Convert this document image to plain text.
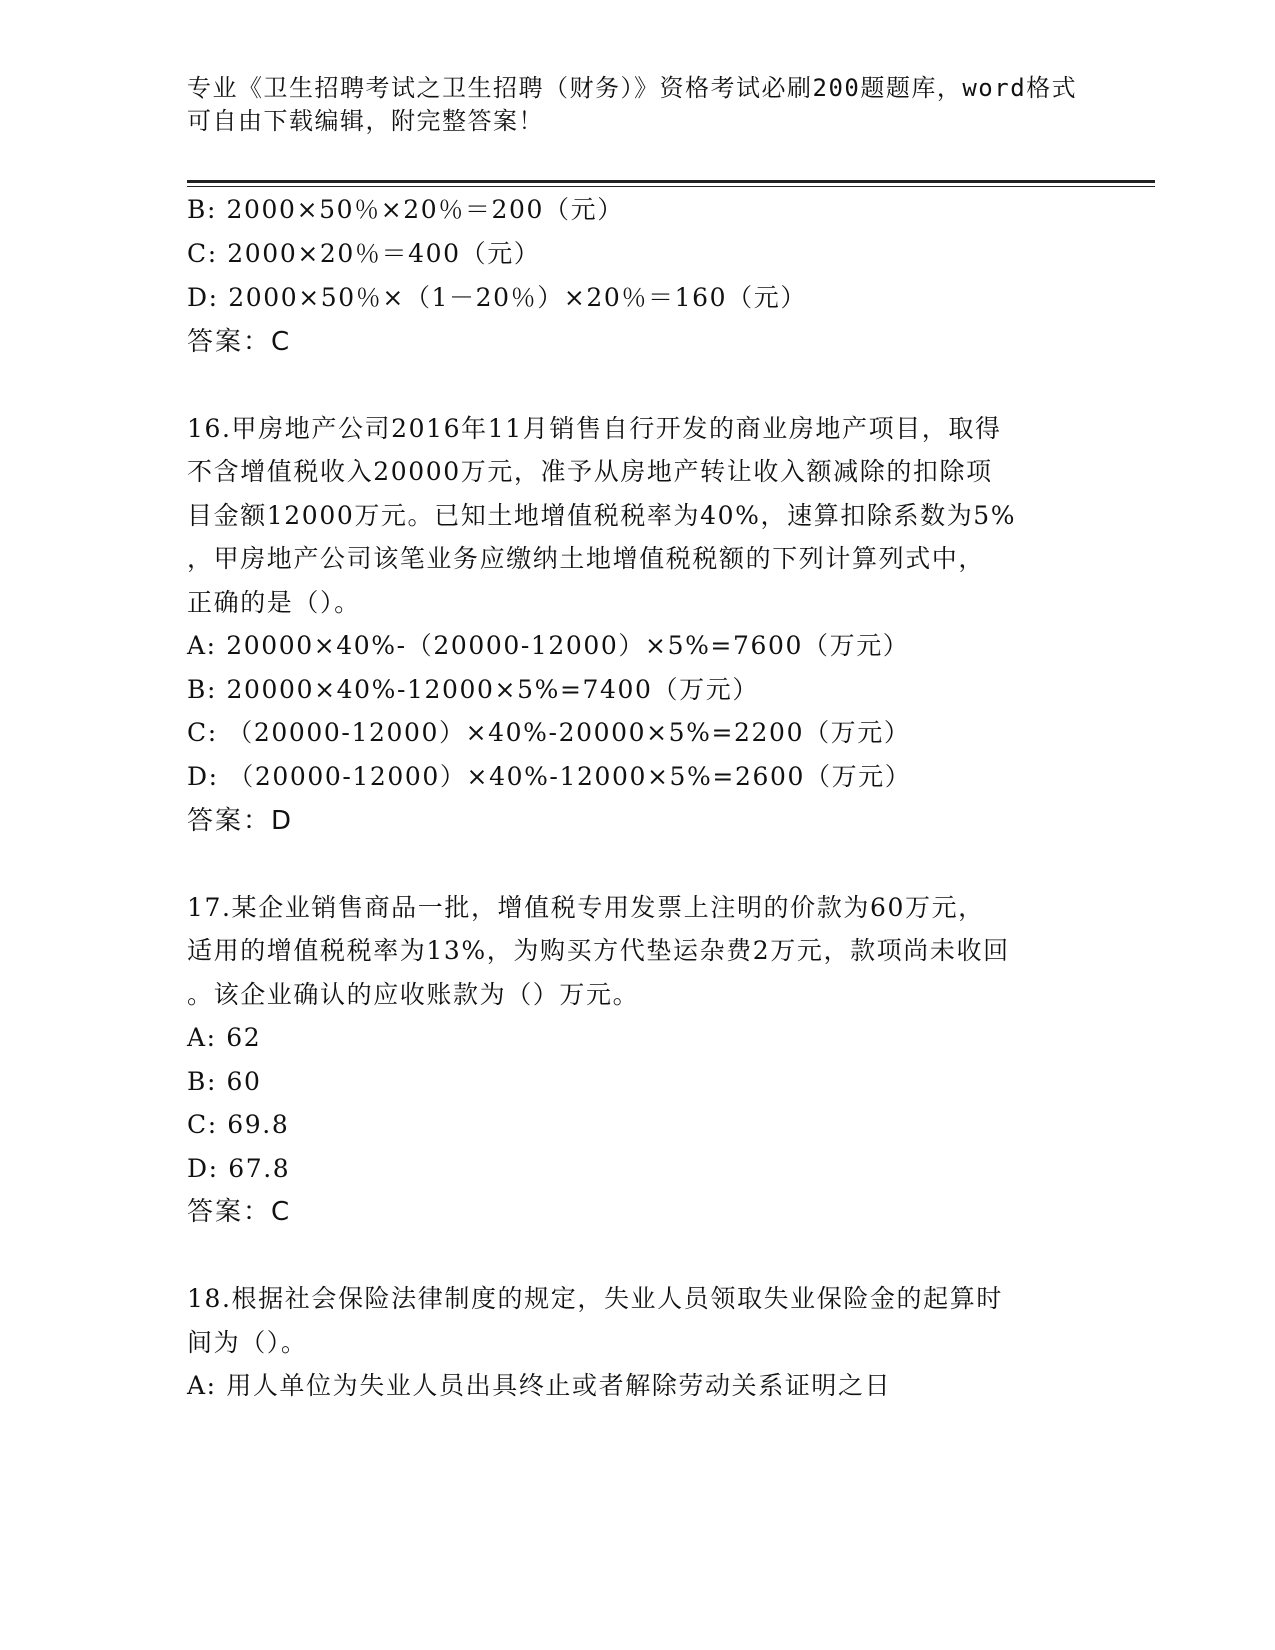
专业《卫生招聘考试之卫生招聘（财务）》资格考试必刷200题题库，word格式
可自由下载编辑，附完整答案！
B: 2000×50％×20％＝200（元）
C: 2000×20％＝400（元）
D: 2000×50％×（1－20％）×20％＝160（元）
答案：C
16.甲房地产公司2016年11月销售自行开发的商业房地产项目，取得
不含增值税收入20000万元，准予从房地产转让收入额减除的扣除项
目金额12000万元。已知土地增值税税率为40%，速算扣除系数为5%
，甲房地产公司该笔业务应缴纳土地增值税税额的下列计算列式中，
正确的是（）。
A: 20000×40%-（20000-12000）×5%=7600（万元）
B: 20000×40%-12000×5%=7400（万元）
C: （20000-12000）×40%-20000×5%=2200（万元）
D: （20000-12000）×40%-12000×5%=2600（万元）
答案：D
17.某企业销售商品一批，增值税专用发票上注明的价款为60万元，
适用的增值税税率为13%，为购买方代垫运杂费2万元，款项尚未收回
。该企业确认的应收账款为（）万元。
A: 62
B: 60
C: 69.8
D: 67.8
答案：C
18.根据社会保险法律制度的规定，失业人员领取失业保险金的起算时
间为（）。
A: 用人单位为失业人员出具终止或者解除劳动关系证明之日
